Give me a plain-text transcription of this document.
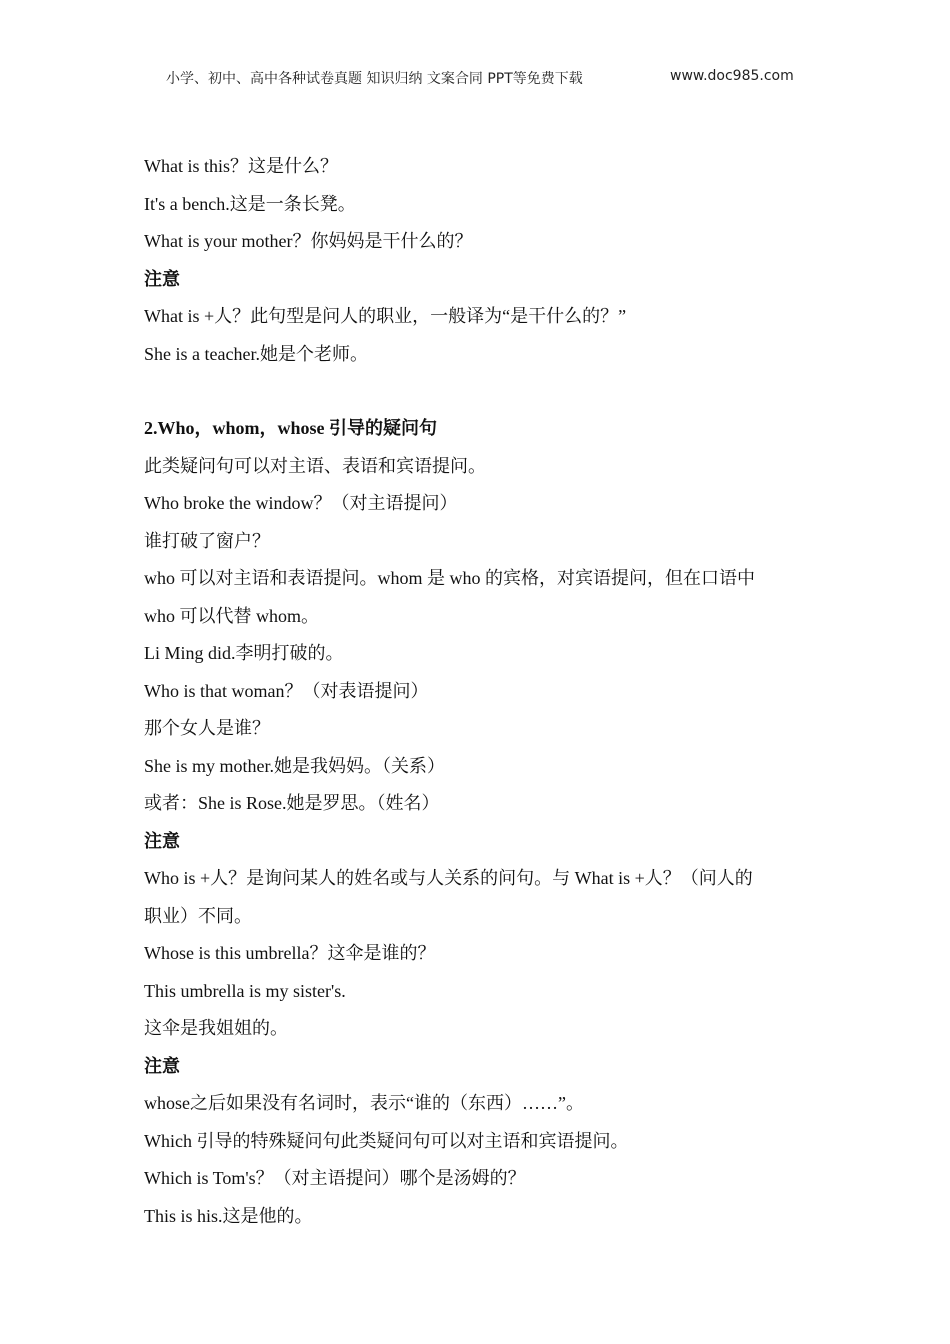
小学、初中、高中各种试卷真题 知识归纳 文案合同 PPT等免费下载	www.doc985.com
What is this？这是什么？
It's a bench.这是一条长凳。
What is your mother？你妈妈是干什么的？
注意
What is +人？此句型是问人的职业，一般译为“是干什么的？”
She is a teacher.她是个老师。
2.Who，whom，whose 引导的疑问句
此类疑问句可以对主语、表语和宾语提问。
Who broke the window？（对主语提问）
谁打破了窗户？
who 可以对主语和表语提问。whom 是 who 的宾格，对宾语提问，但在口语中
who 可以代替 whom。
Li Ming did.李明打破的。
Who is that woman？（对表语提问）
那个女人是谁？
She is my mother.她是我妈妈。（关系）
或者：She is Rose.她是罗思。（姓名）
注意
Who is +人？是询问某人的姓名或与人关系的问句。与 What is +人？（问人的
职业）不同。
Whose is this umbrella？这伞是谁的？
This umbrella is my sister's.
这伞是我姐姐的。
注意
whose之后如果没有名词时，表示“谁的（东西）……”。
Which 引导的特殊疑问句此类疑问句可以对主语和宾语提问。
Which is Tom's？（对主语提问）哪个是汤姆的？
This is his.这是他的。
